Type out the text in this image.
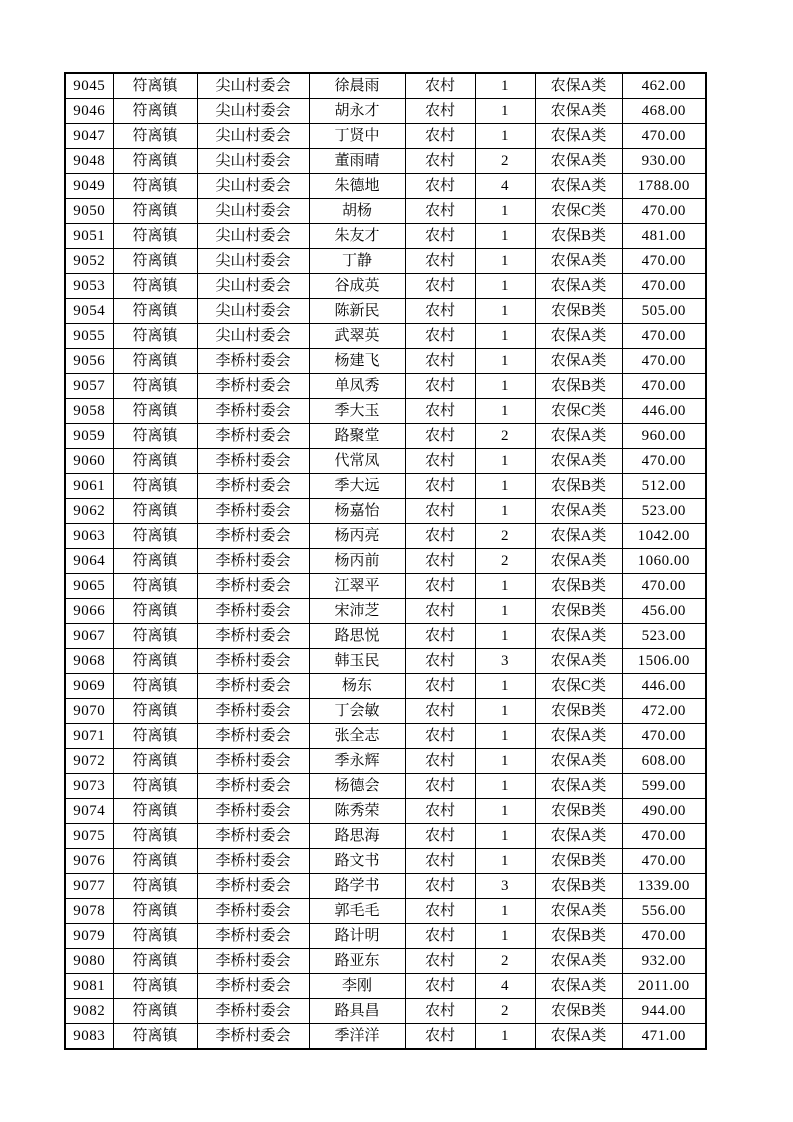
9045	符离镇	尖山村委会	徐晨雨	农村	1	农保A类	462.00
9046	符离镇	尖山村委会	胡永才	农村	1	农保A类	468.00
9047	符离镇	尖山村委会	丁贤中	农村	1	农保A类	470.00
9048	符离镇	尖山村委会	董雨晴	农村	2	农保A类	930.00
9049	符离镇	尖山村委会	朱德地	农村	4	农保A类	1788.00
9050	符离镇	尖山村委会	胡杨	农村	1	农保C类	470.00
9051	符离镇	尖山村委会	朱友才	农村	1	农保B类	481.00
9052	符离镇	尖山村委会	丁静	农村	1	农保A类	470.00
9053	符离镇	尖山村委会	谷成英	农村	1	农保A类	470.00
9054	符离镇	尖山村委会	陈新民	农村	1	农保B类	505.00
9055	符离镇	尖山村委会	武翠英	农村	1	农保A类	470.00
9056	符离镇	李桥村委会	杨建飞	农村	1	农保A类	470.00
9057	符离镇	李桥村委会	单凤秀	农村	1	农保B类	470.00
9058	符离镇	李桥村委会	季大玉	农村	1	农保C类	446.00
9059	符离镇	李桥村委会	路聚堂	农村	2	农保A类	960.00
9060	符离镇	李桥村委会	代常凤	农村	1	农保A类	470.00
9061	符离镇	李桥村委会	季大远	农村	1	农保B类	512.00
9062	符离镇	李桥村委会	杨嘉怡	农村	1	农保A类	523.00
9063	符离镇	李桥村委会	杨丙亮	农村	2	农保A类	1042.00
9064	符离镇	李桥村委会	杨丙前	农村	2	农保A类	1060.00
9065	符离镇	李桥村委会	江翠平	农村	1	农保B类	470.00
9066	符离镇	李桥村委会	宋沛芝	农村	1	农保B类	456.00
9067	符离镇	李桥村委会	路思悦	农村	1	农保A类	523.00
9068	符离镇	李桥村委会	韩玉民	农村	3	农保A类	1506.00
9069	符离镇	李桥村委会	杨东	农村	1	农保C类	446.00
9070	符离镇	李桥村委会	丁会敏	农村	1	农保B类	472.00
9071	符离镇	李桥村委会	张全志	农村	1	农保A类	470.00
9072	符离镇	李桥村委会	季永辉	农村	1	农保A类	608.00
9073	符离镇	李桥村委会	杨德会	农村	1	农保A类	599.00
9074	符离镇	李桥村委会	陈秀荣	农村	1	农保B类	490.00
9075	符离镇	李桥村委会	路思海	农村	1	农保A类	470.00
9076	符离镇	李桥村委会	路文书	农村	1	农保B类	470.00
9077	符离镇	李桥村委会	路学书	农村	3	农保B类	1339.00
9078	符离镇	李桥村委会	郭毛毛	农村	1	农保A类	556.00
9079	符离镇	李桥村委会	路计明	农村	1	农保B类	470.00
9080	符离镇	李桥村委会	路亚东	农村	2	农保A类	932.00
9081	符离镇	李桥村委会	李刚	农村	4	农保A类	2011.00
9082	符离镇	李桥村委会	路具昌	农村	2	农保B类	944.00
9083	符离镇	李桥村委会	季洋洋	农村	1	农保A类	471.00
